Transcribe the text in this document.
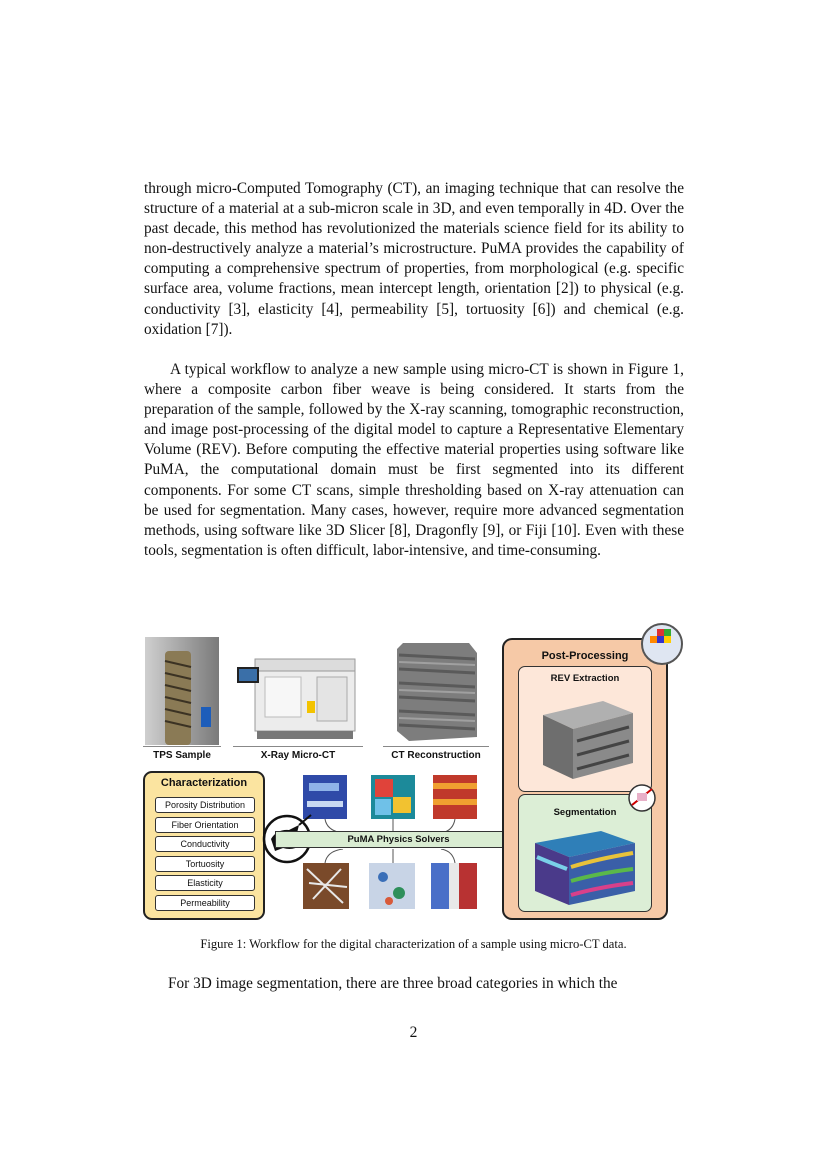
through micro-Computed Tomography (CT), an imaging technique that can resolve the structure of a material at a sub-micron scale in 3D, and even temporally in 4D. Over the past decade, this method has revolutionized the materials science field for its ability to non-destructively analyze a material’s microstructure. PuMA provides the capability of computing a comprehensive spectrum of properties, from morphological (e.g. specific surface area, volume fractions, mean intercept length, orientation [2]) to physical (e.g. conductivity [3], elasticity [4], permeability [5], tortuosity [6]) and chemical (e.g. oxidation [7]).

A typical workflow to analyze a new sample using micro-CT is shown in Figure 1, where a composite carbon fiber weave is being considered. It starts from the preparation of the sample, followed by the X-ray scanning, tomographic reconstruction, and image post-processing of the digital model to capture a Representative Elementary Volume (REV). Before computing the effective material properties using software like PuMA, the computational domain must be first segmented into its different components. For some CT scans, simple thresholding based on X-ray attenuation can be used for segmentation. Many cases, however, require more advanced segmentation methods, using software like 3D Slicer [8], Dragonfly [9], or Fiji [10]. Even with these tools, segmentation is often difficult, labor-intensive, and time-consuming.

TPS Sample	X-Ray Micro-CT	CT Reconstruction
Characterization
Porosity Distribution
Fiber Orientation
Conductivity
Tortuosity
Elasticity
Permeability
PuMA Physics Solvers
Post-Processing
REV Extraction
Segmentation
Figure 1: Workflow for the digital characterization of a sample using micro-CT data.

For 3D image segmentation, there are three broad categories in which the

2
